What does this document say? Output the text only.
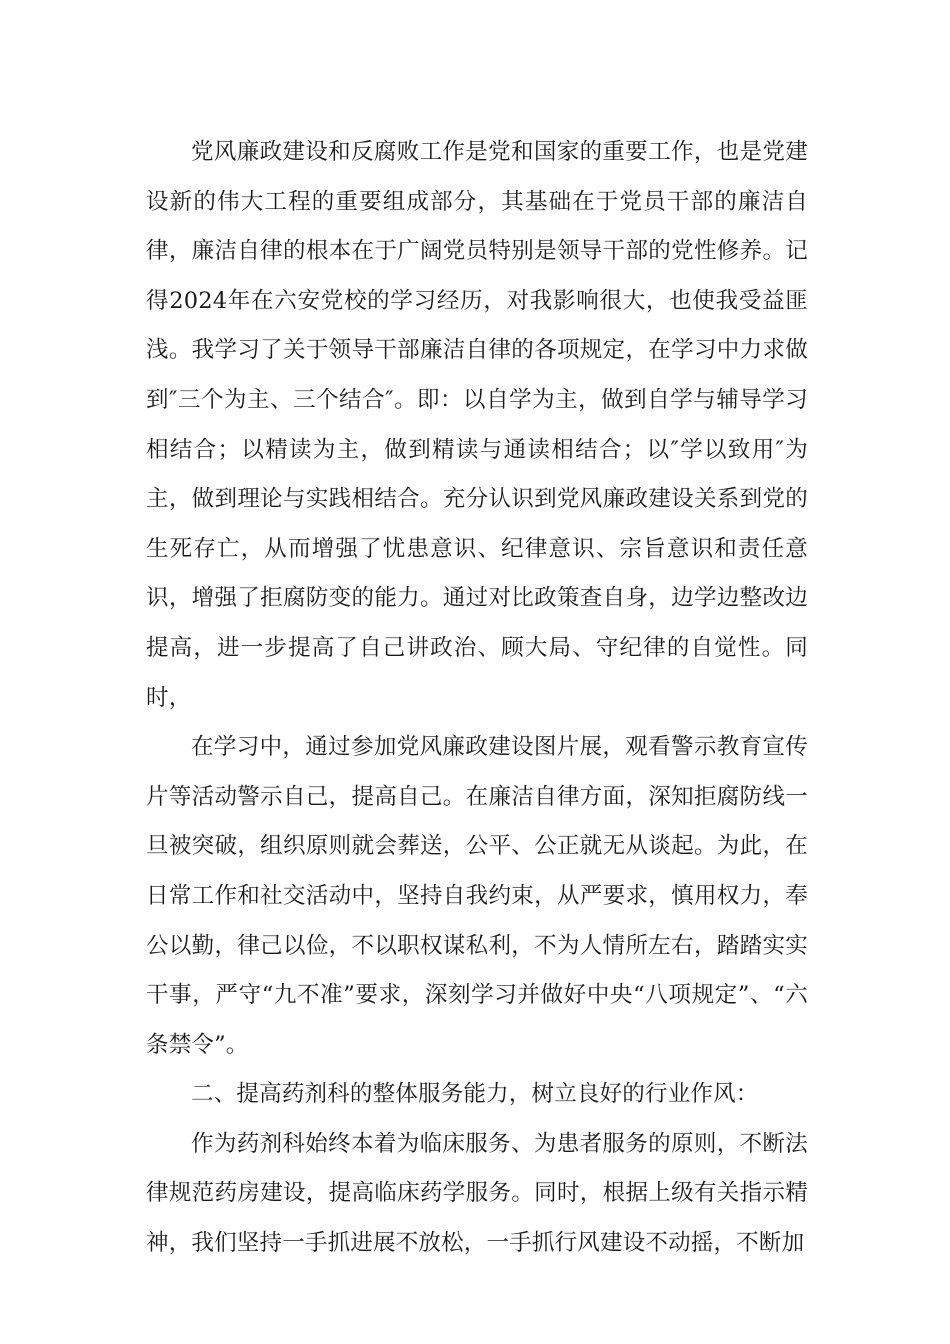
党风廉政建设和反腐败工作是党和国家的重要工作，也是党建设新的伟大工程的重要组成部分，其基础在于党员干部的廉洁自律，廉洁自律的根本在于广阔党员特别是领导干部的党性修养。记得2024年在六安党校的学习经历，对我影响很大，也使我受益匪浅。我学习了关于领导干部廉洁自律的各项规定，在学习中力求做到″三个为主、三个结合″。即：以自学为主，做到自学与辅导学习相结合；以精读为主，做到精读与通读相结合；以″学以致用″为主，做到理论与实践相结合。充分认识到党风廉政建设关系到党的生死存亡，从而增强了忧患意识、纪律意识、宗旨意识和责任意识，增强了拒腐防变的能力。通过对比政策查自身，边学边整改边提高，进一步提高了自己讲政治、顾大局、守纪律的自觉性。同时，

在学习中，通过参加党风廉政建设图片展，观看警示教育宣传片等活动警示自己，提高自己。在廉洁自律方面，深知拒腐防线一旦被突破，组织原则就会葬送，公平、公正就无从谈起。为此，在日常工作和社交活动中，坚持自我约束，从严要求，慎用权力，奉公以勤，律己以俭，不以职权谋私利，不为人情所左右，踏踏实实干事，严守“九不准”要求，深刻学习并做好中央“八项规定”、“六条禁令”。

二、提高药剂科的整体服务能力，树立良好的行业作风：

作为药剂科始终本着为临床服务、为患者服务的原则，不断法律规范药房建设，提高临床药学服务。同时，根据上级有关指示精神，我们坚持一手抓进展不放松，一手抓行风建设不动摇，不断加
